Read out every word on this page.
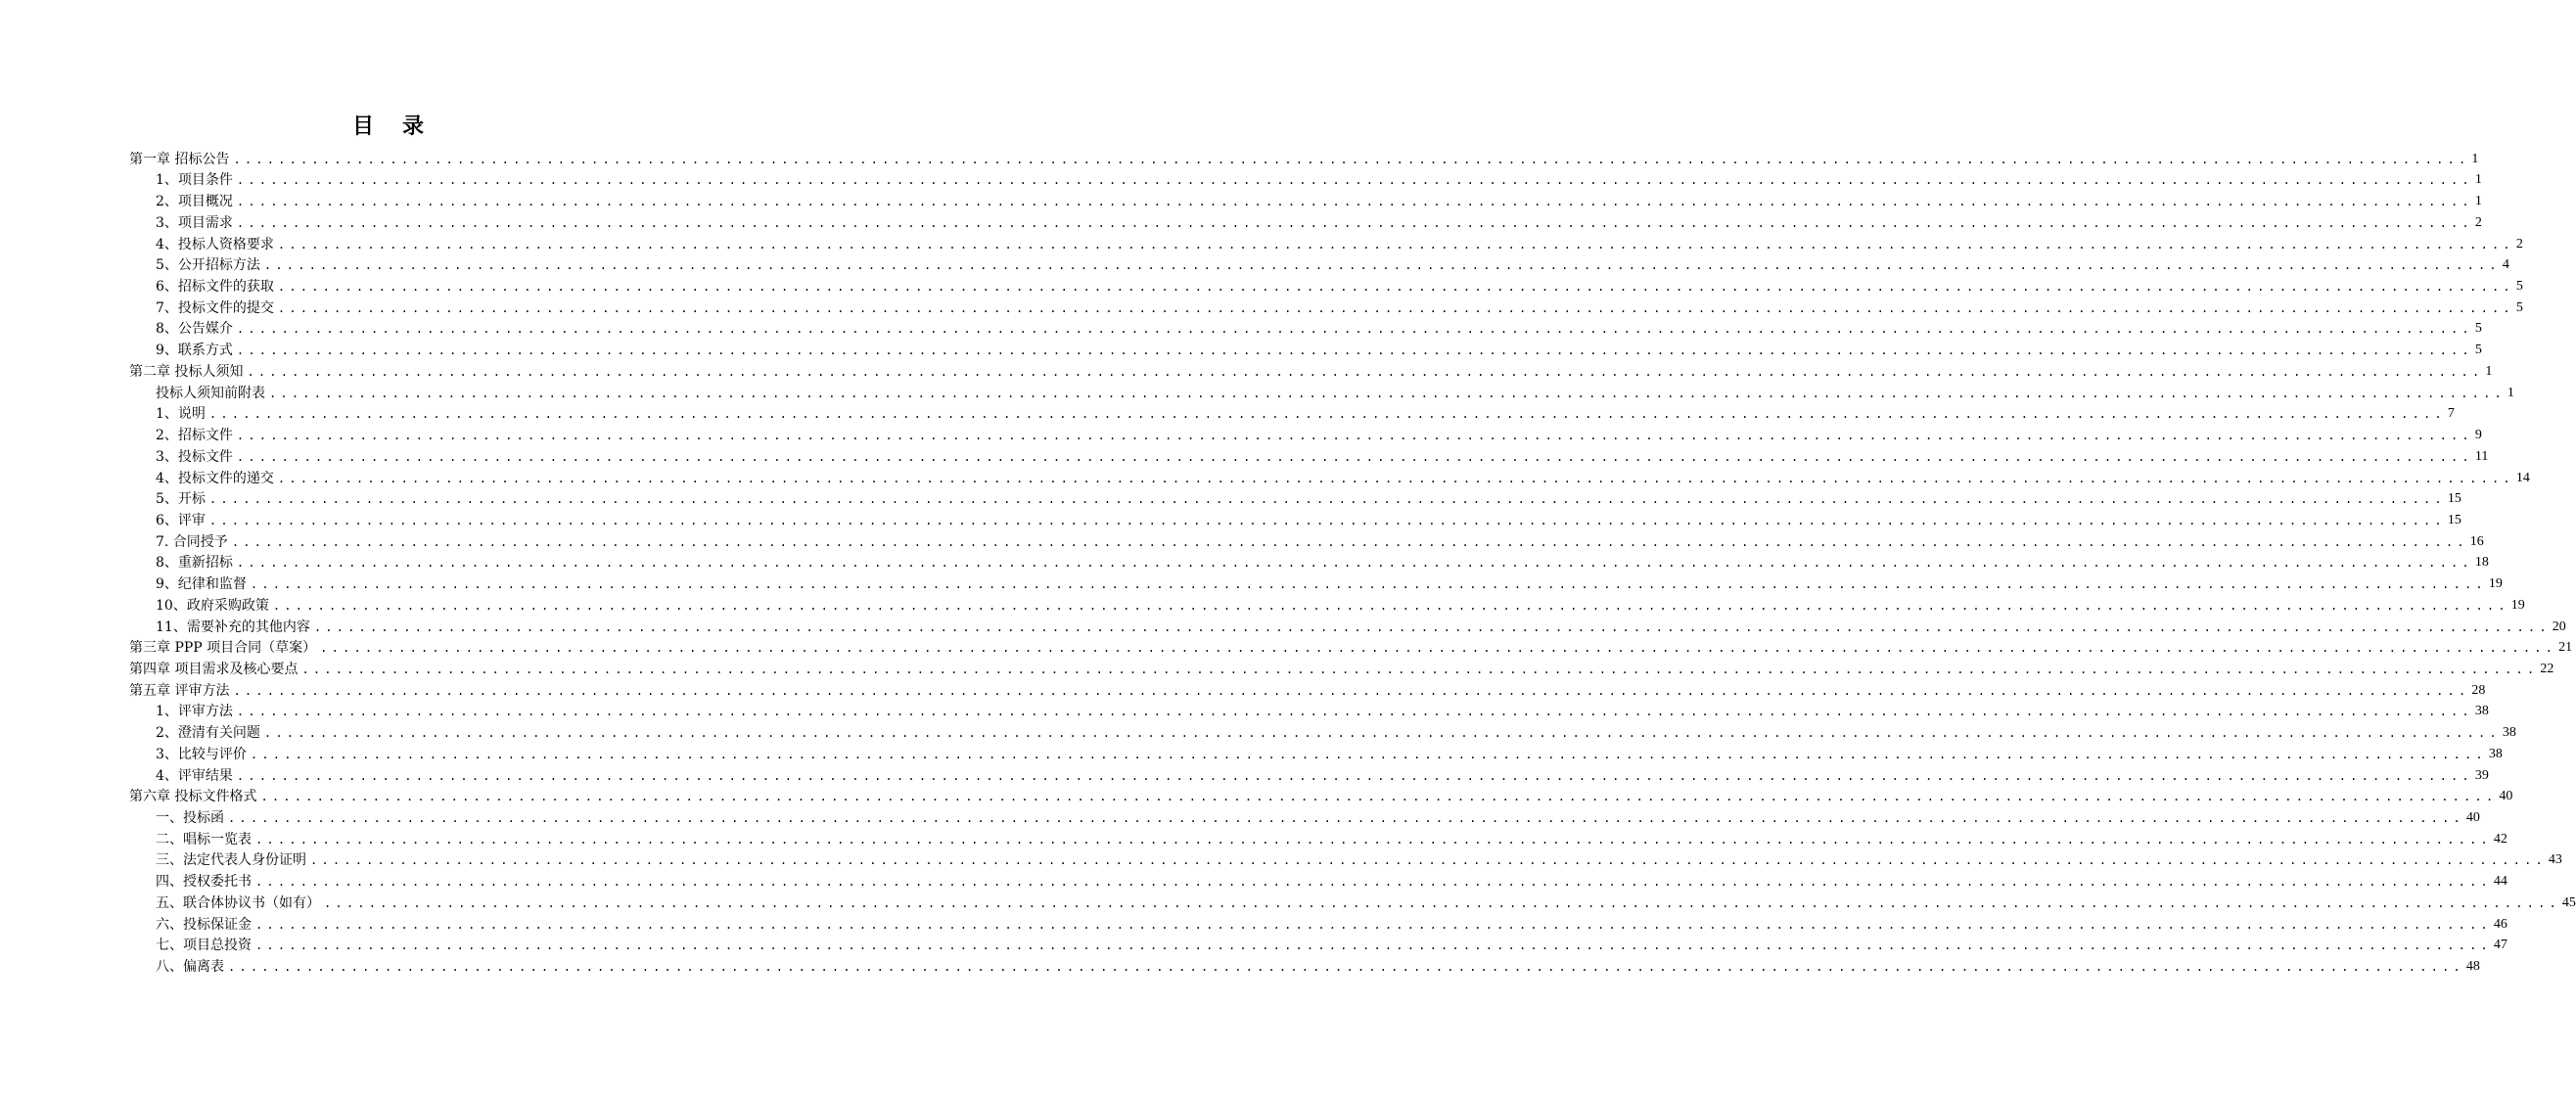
目 录
第一章 招标公告 ........................................................................................................................................................................................................ 1
1、项目条件 ........................................................................................................................................................................................................ 1
2、项目概况 ........................................................................................................................................................................................................ 1
3、项目需求 ........................................................................................................................................................................................................ 2
4、投标人资格要求 ........................................................................................................................................................................................................ 2
5、公开招标方法 ........................................................................................................................................................................................................ 4
6、招标文件的获取 ........................................................................................................................................................................................................ 5
7、投标文件的提交 ........................................................................................................................................................................................................ 5
8、公告媒介 ........................................................................................................................................................................................................ 5
9、联系方式 ........................................................................................................................................................................................................ 5
第二章 投标人须知 ........................................................................................................................................................................................................ 1
投标人须知前附表 ........................................................................................................................................................................................................ 1
1、说明 ........................................................................................................................................................................................................ 7
2、招标文件 ........................................................................................................................................................................................................ 9
3、投标文件 ........................................................................................................................................................................................................ 11
4、投标文件的递交 ........................................................................................................................................................................................................ 14
5、开标 ........................................................................................................................................................................................................ 15
6、评审 ........................................................................................................................................................................................................ 15
7. 合同授予 ........................................................................................................................................................................................................ 16
8、重新招标 ........................................................................................................................................................................................................ 18
9、纪律和监督 ........................................................................................................................................................................................................ 19
10、政府采购政策 ........................................................................................................................................................................................................ 19
11、需要补充的其他内容 ........................................................................................................................................................................................................ 20
第三章 PPP 项目合同（草案） ........................................................................................................................................................................................................ 21
第四章 项目需求及核心要点 ........................................................................................................................................................................................................ 22
第五章 评审方法 ........................................................................................................................................................................................................ 28
1、评审方法 ........................................................................................................................................................................................................ 38
2、澄清有关问题 ........................................................................................................................................................................................................ 38
3、比较与评价 ........................................................................................................................................................................................................ 38
4、评审结果 ........................................................................................................................................................................................................ 39
第六章 投标文件格式 ........................................................................................................................................................................................................ 40
一、投标函 ........................................................................................................................................................................................................ 40
二、唱标一览表 ........................................................................................................................................................................................................ 42
三、法定代表人身份证明 ........................................................................................................................................................................................................ 43
四、授权委托书 ........................................................................................................................................................................................................ 44
五、联合体协议书（如有） ........................................................................................................................................................................................................ 45
六、投标保证金 ........................................................................................................................................................................................................ 46
七、项目总投资 ........................................................................................................................................................................................................ 47
八、偏离表 ........................................................................................................................................................................................................ 48
